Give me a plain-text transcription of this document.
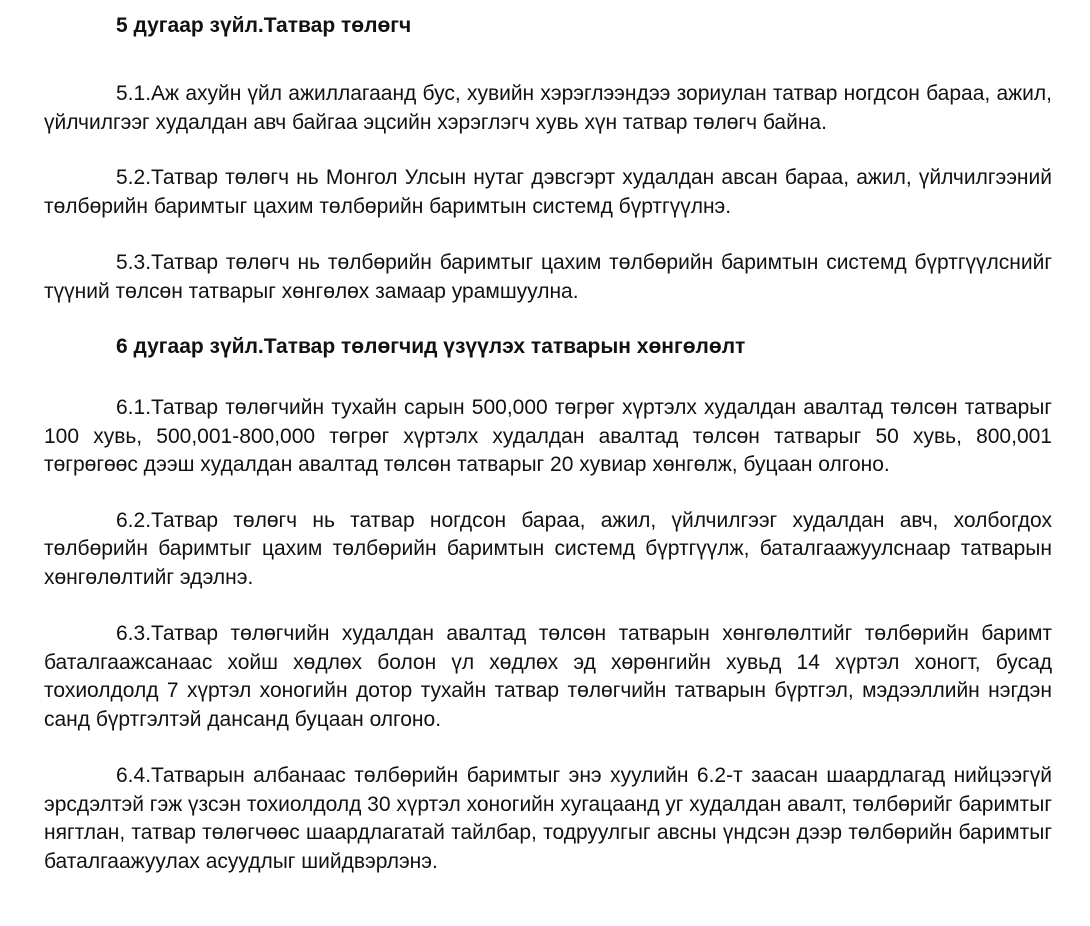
5 дугаар зүйл.Татвар төлөгч

5.1.Аж ахуйн үйл ажиллагаанд бус, хувийн хэрэглээндээ зориулан татвар ногдсон бараа, ажил, үйлчилгээг худалдан авч байгаа эцсийн хэрэглэгч хувь хүн татвар төлөгч байна.

5.2.Татвар төлөгч нь Монгол Улсын нутаг дэвсгэрт худалдан авсан бараа, ажил, үйлчилгээний төлбөрийн баримтыг цахим төлбөрийн баримтын системд бүртгүүлнэ.

5.3.Татвар төлөгч нь төлбөрийн баримтыг цахим төлбөрийн баримтын системд бүртгүүлснийг түүний төлсөн татварыг хөнгөлөх замаар урамшуулна.

6 дугаар зүйл.Татвар төлөгчид үзүүлэх татварын хөнгөлөлт

6.1.Татвар төлөгчийн тухайн сарын 500,000 төгрөг хүртэлх худалдан авалтад төлсөн татварыг 100 хувь, 500,001-800,000 төгрөг хүртэлх худалдан авалтад төлсөн татварыг 50 хувь, 800,001 төгрөгөөс дээш худалдан авалтад төлсөн татварыг 20 хувиар хөнгөлж, буцаан олгоно.

6.2.Татвар төлөгч нь татвар ногдсон бараа, ажил, үйлчилгээг худалдан авч, холбогдох төлбөрийн баримтыг цахим төлбөрийн баримтын системд бүртгүүлж, баталгаажуулснаар татварын хөнгөлөлтийг эдэлнэ.

6.3.Татвар төлөгчийн худалдан авалтад төлсөн татварын хөнгөлөлтийг төлбөрийн баримт баталгаажсанаас хойш хөдлөх болон үл хөдлөх эд хөрөнгийн хувьд 14 хүртэл хоногт, бусад тохиолдолд 7 хүртэл хоногийн дотор тухайн татвар төлөгчийн татварын бүртгэл, мэдээллийн нэгдэн санд бүртгэлтэй дансанд буцаан олгоно.

6.4.Татварын албанаас төлбөрийн баримтыг энэ хуулийн 6.2-т заасан шаардлагад нийцээгүй эрсдэлтэй гэж үзсэн тохиолдолд 30 хүртэл хоногийн хугацаанд уг худалдан авалт, төлбөрийг баримтыг нягтлан, татвар төлөгчөөс шаардлагатай тайлбар, тодруулгыг авсны үндсэн дээр төлбөрийн баримтыг баталгаажуулах асуудлыг шийдвэрлэнэ.
